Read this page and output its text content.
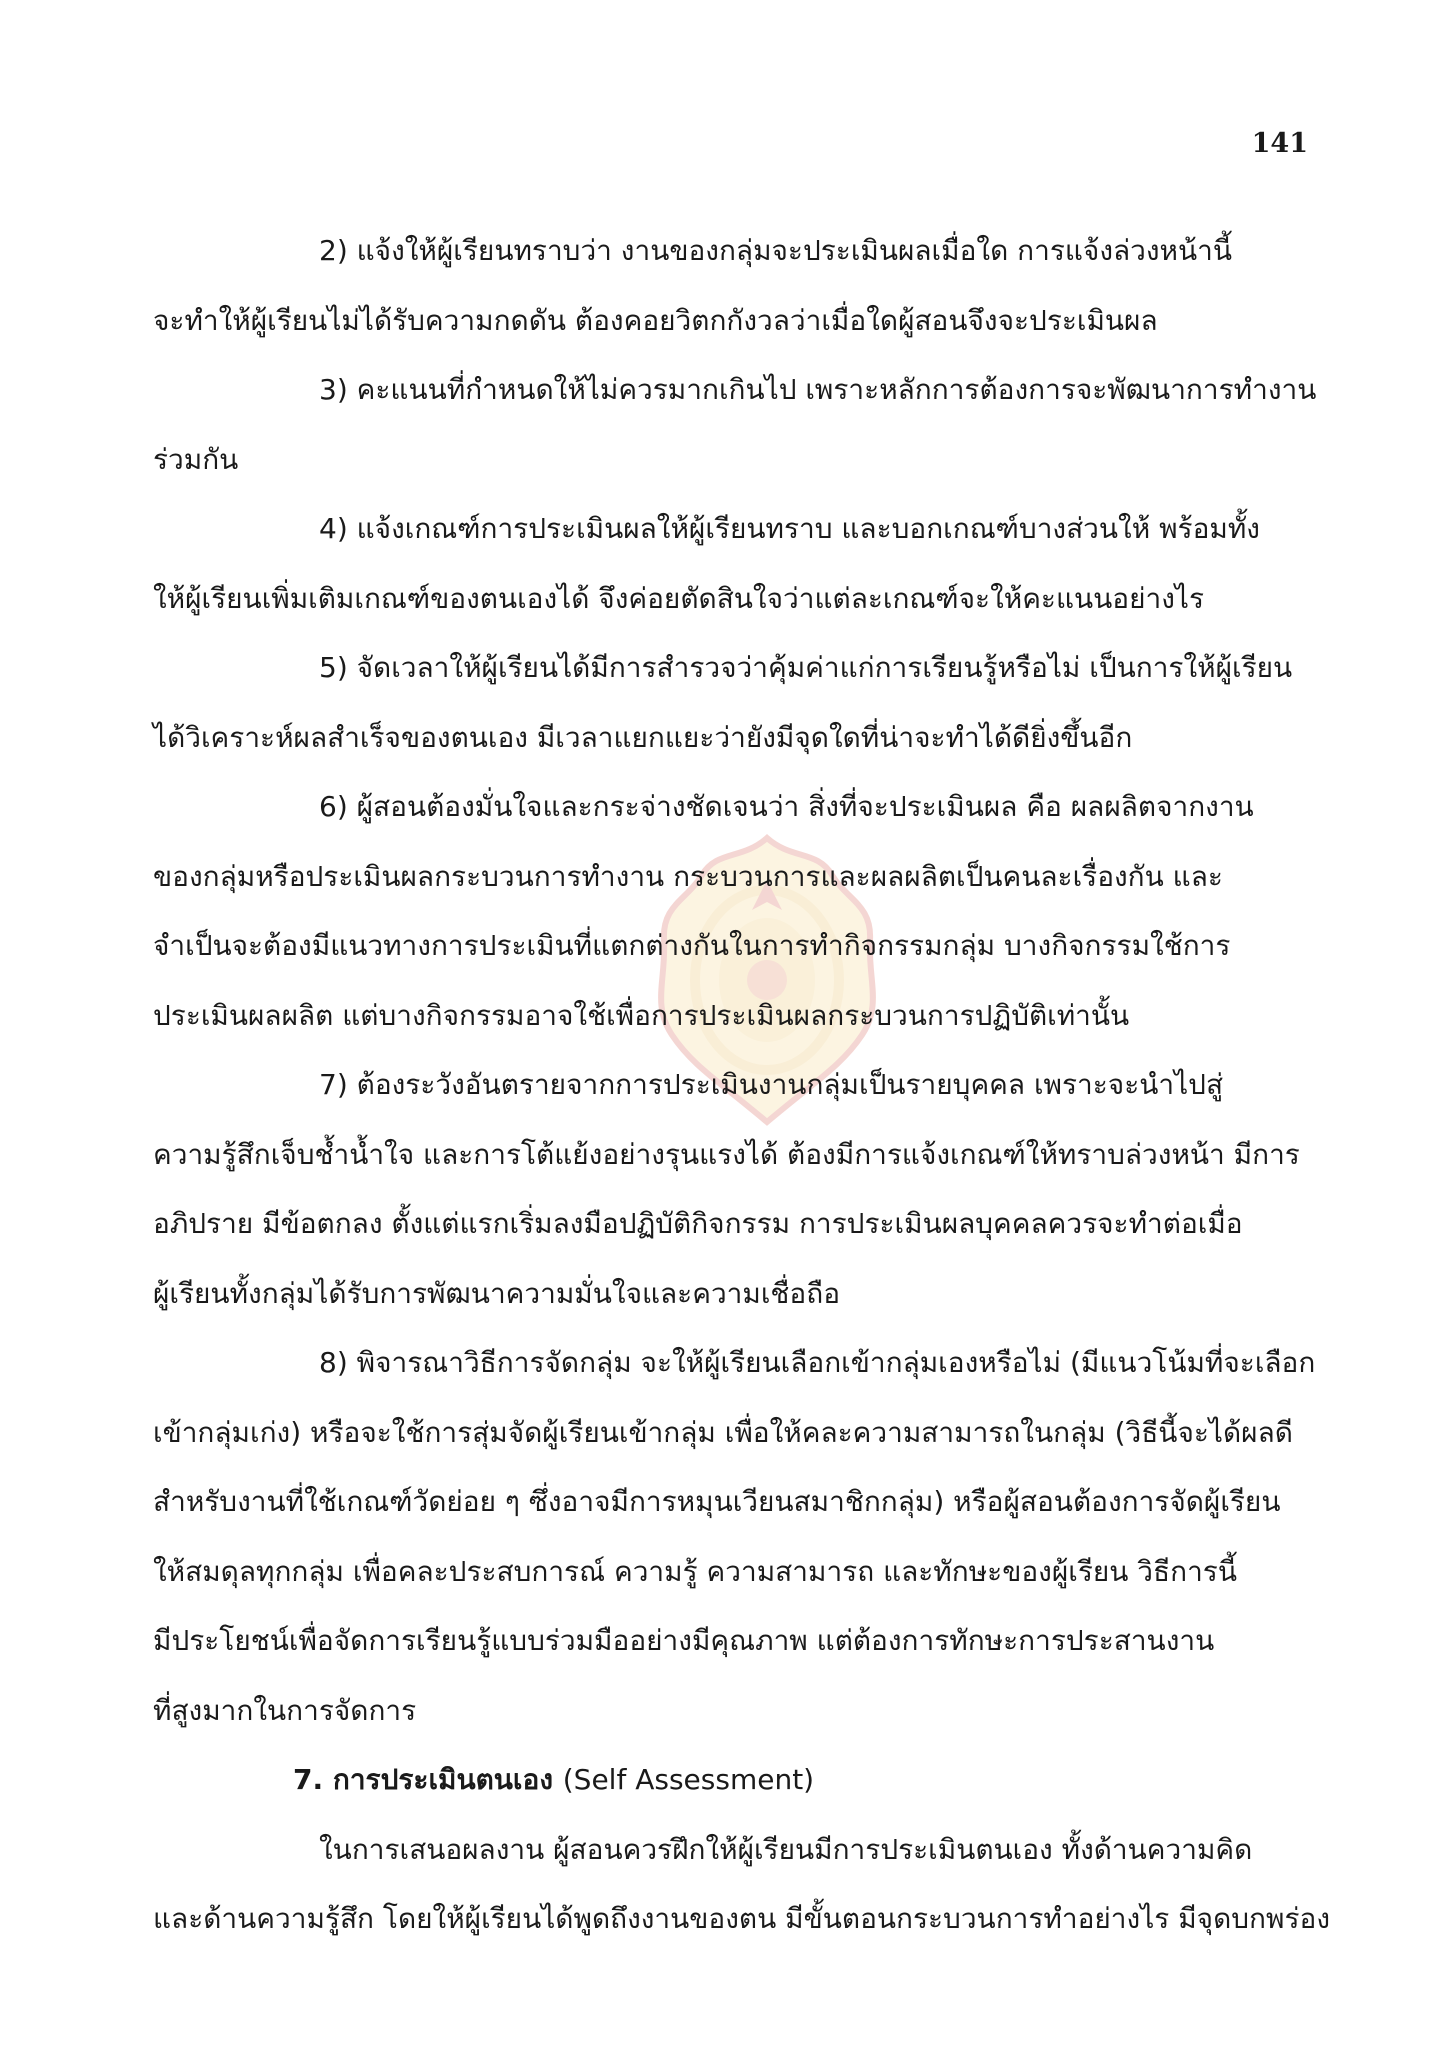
141
2) แจ้งให้ผู้เรียนทราบว่า งานของกลุ่มจะประเมินผลเมื่อใด การแจ้งล่วงหน้านี้
จะทำให้ผู้เรียนไม่ได้รับความกดดัน ต้องคอยวิตกกังวลว่าเมื่อใดผู้สอนจึงจะประเมินผล
3) คะแนนที่กำหนดให้ไม่ควรมากเกินไป เพราะหลักการต้องการจะพัฒนาการทำงาน
ร่วมกัน
4) แจ้งเกณฑ์การประเมินผลให้ผู้เรียนทราบ และบอกเกณฑ์บางส่วนให้ พร้อมทั้ง
ให้ผู้เรียนเพิ่มเติมเกณฑ์ของตนเองได้ จึงค่อยตัดสินใจว่าแต่ละเกณฑ์จะให้คะแนนอย่างไร
5) จัดเวลาให้ผู้เรียนได้มีการสำรวจว่าคุ้มค่าแก่การเรียนรู้หรือไม่ เป็นการให้ผู้เรียน
ได้วิเคราะห์ผลสำเร็จของตนเอง มีเวลาแยกแยะว่ายังมีจุดใดที่น่าจะทำได้ดียิ่งขึ้นอีก
6) ผู้สอนต้องมั่นใจและกระจ่างชัดเจนว่า สิ่งที่จะประเมินผล คือ ผลผลิตจากงาน
ของกลุ่มหรือประเมินผลกระบวนการทำงาน กระบวนการและผลผลิตเป็นคนละเรื่องกัน และ
จำเป็นจะต้องมีแนวทางการประเมินที่แตกต่างกันในการทำกิจกรรมกลุ่ม บางกิจกรรมใช้การ
ประเมินผลผลิต แต่บางกิจกรรมอาจใช้เพื่อการประเมินผลกระบวนการปฏิบัติเท่านั้น
7) ต้องระวังอันตรายจากการประเมินงานกลุ่มเป็นรายบุคคล เพราะจะนำไปสู่
ความรู้สึกเจ็บช้ำน้ำใจ และการโต้แย้งอย่างรุนแรงได้ ต้องมีการแจ้งเกณฑ์ให้ทราบล่วงหน้า มีการ
อภิปราย มีข้อตกลง ตั้งแต่แรกเริ่มลงมือปฏิบัติกิจกรรม การประเมินผลบุคคลควรจะทำต่อเมื่อ
ผู้เรียนทั้งกลุ่มได้รับการพัฒนาความมั่นใจและความเชื่อถือ
8) พิจารณาวิธีการจัดกลุ่ม จะให้ผู้เรียนเลือกเข้ากลุ่มเองหรือไม่ (มีแนวโน้มที่จะเลือก
เข้ากลุ่มเก่ง) หรือจะใช้การสุ่มจัดผู้เรียนเข้ากลุ่ม เพื่อให้คละความสามารถในกลุ่ม (วิธีนี้จะได้ผลดี
สำหรับงานที่ใช้เกณฑ์วัดย่อย ๆ ซึ่งอาจมีการหมุนเวียนสมาชิกกลุ่ม) หรือผู้สอนต้องการจัดผู้เรียน
ให้สมดุลทุกกลุ่ม เพื่อคละประสบการณ์ ความรู้ ความสามารถ และทักษะของผู้เรียน วิธีการนี้
มีประโยชน์เพื่อจัดการเรียนรู้แบบร่วมมืออย่างมีคุณภาพ แต่ต้องการทักษะการประสานงาน
ที่สูงมากในการจัดการ
7. การประเมินตนเอง (Self Assessment)
ในการเสนอผลงาน ผู้สอนควรฝึกให้ผู้เรียนมีการประเมินตนเอง ทั้งด้านความคิด
และด้านความรู้สึก โดยให้ผู้เรียนได้พูดถึงงานของตน มีขั้นตอนกระบวนการทำอย่างไร มีจุดบกพร่อง
